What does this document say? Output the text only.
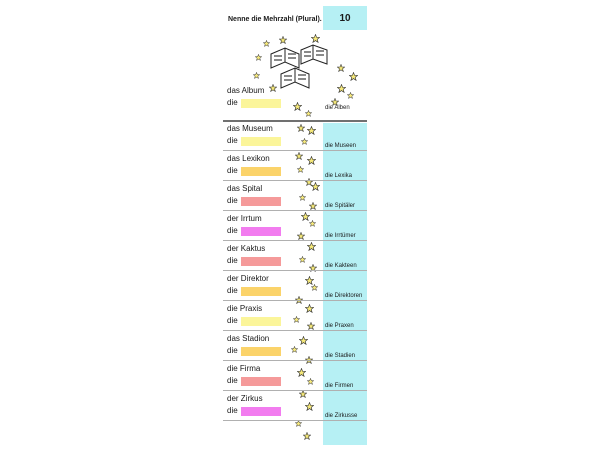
Nenne die Mehrzahl (Plural).	10
das Album
die
die Alben
das Museum
die
die Museen
das Lexikon
die
die Lexika
das Spital
die
die Spitäler
der Irrtum
die
die Irrtümer
der Kaktus
die
die Kakteen
der Direktor
die
die Direktoren
die Praxis
die
die Praxen
das Stadion
die
die Stadien
die Firma
die
die Firmen
der Zirkus
die
die Zirkusse
